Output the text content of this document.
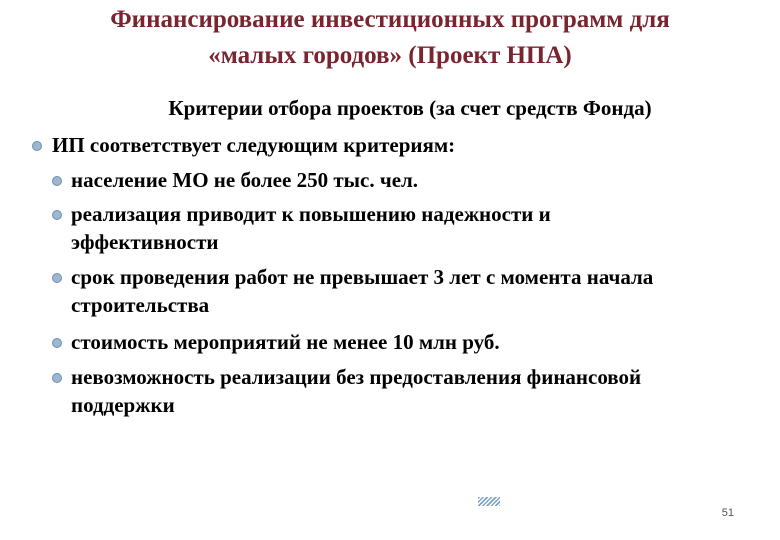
Финансирование инвестиционных программ для
«малых городов» (Проект НПА)
Критерии отбора проектов (за счет средств Фонда)
ИП соответствует следующим критериям:
население МО не более 250 тыс. чел.
реализация приводит к повышению надежности и
эффективности
срок проведения работ не превышает 3 лет с момента начала
строительства
стоимость мероприятий не менее 10 млн руб.
невозможность реализации без предоставления финансовой
поддержки
51
